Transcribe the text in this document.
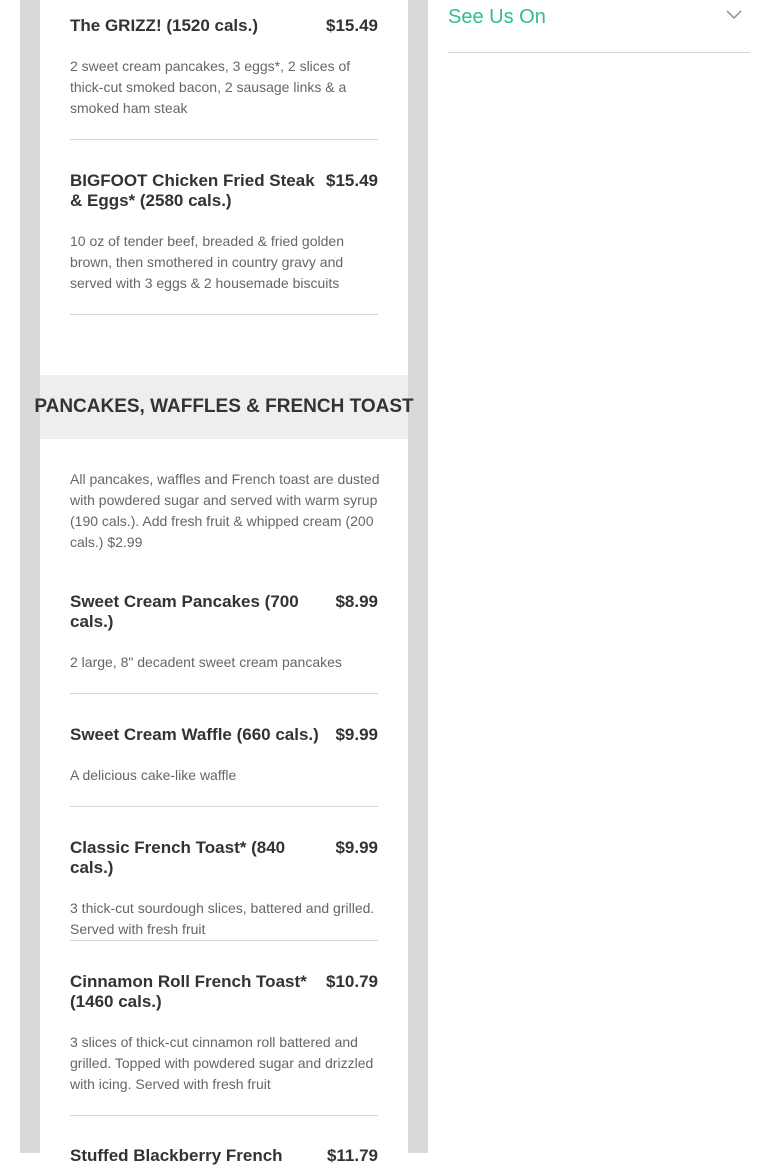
The GRIZZ! (1520 cals.)	$15.49
2 sweet cream pancakes, 3 eggs*, 2 slices of thick-cut smoked bacon, 2 sausage links & a smoked ham steak
BIGFOOT Chicken Fried Steak & Eggs* (2580 cals.)
$15.49
10 oz of tender beef, breaded & fried golden brown, then smothered in country gravy and served with 3 eggs & 2 housemade biscuits
PANCAKES, WAFFLES & FRENCH TOAST
All pancakes, waffles and French toast are dusted with powdered sugar and served with warm syrup (190 cals.). Add fresh fruit & whipped cream (200 cals.) $2.99
Sweet Cream Pancakes (700 cals.)
$8.99
2 large, 8" decadent sweet cream pancakes
Sweet Cream Waffle (660 cals.) $9.99
A delicious cake-like waffle
Classic French Toast* (840 cals.)
$9.99
3 thick-cut sourdough slices, battered and grilled. Served with fresh fruit
Cinnamon Roll French Toast* (1460 cals.)
$10.79
3 slices of thick-cut cinnamon roll battered and grilled. Topped with powdered sugar and drizzled with icing. Served with fresh fruit
Stuffed Blackberry French	$11.79
See Us On
